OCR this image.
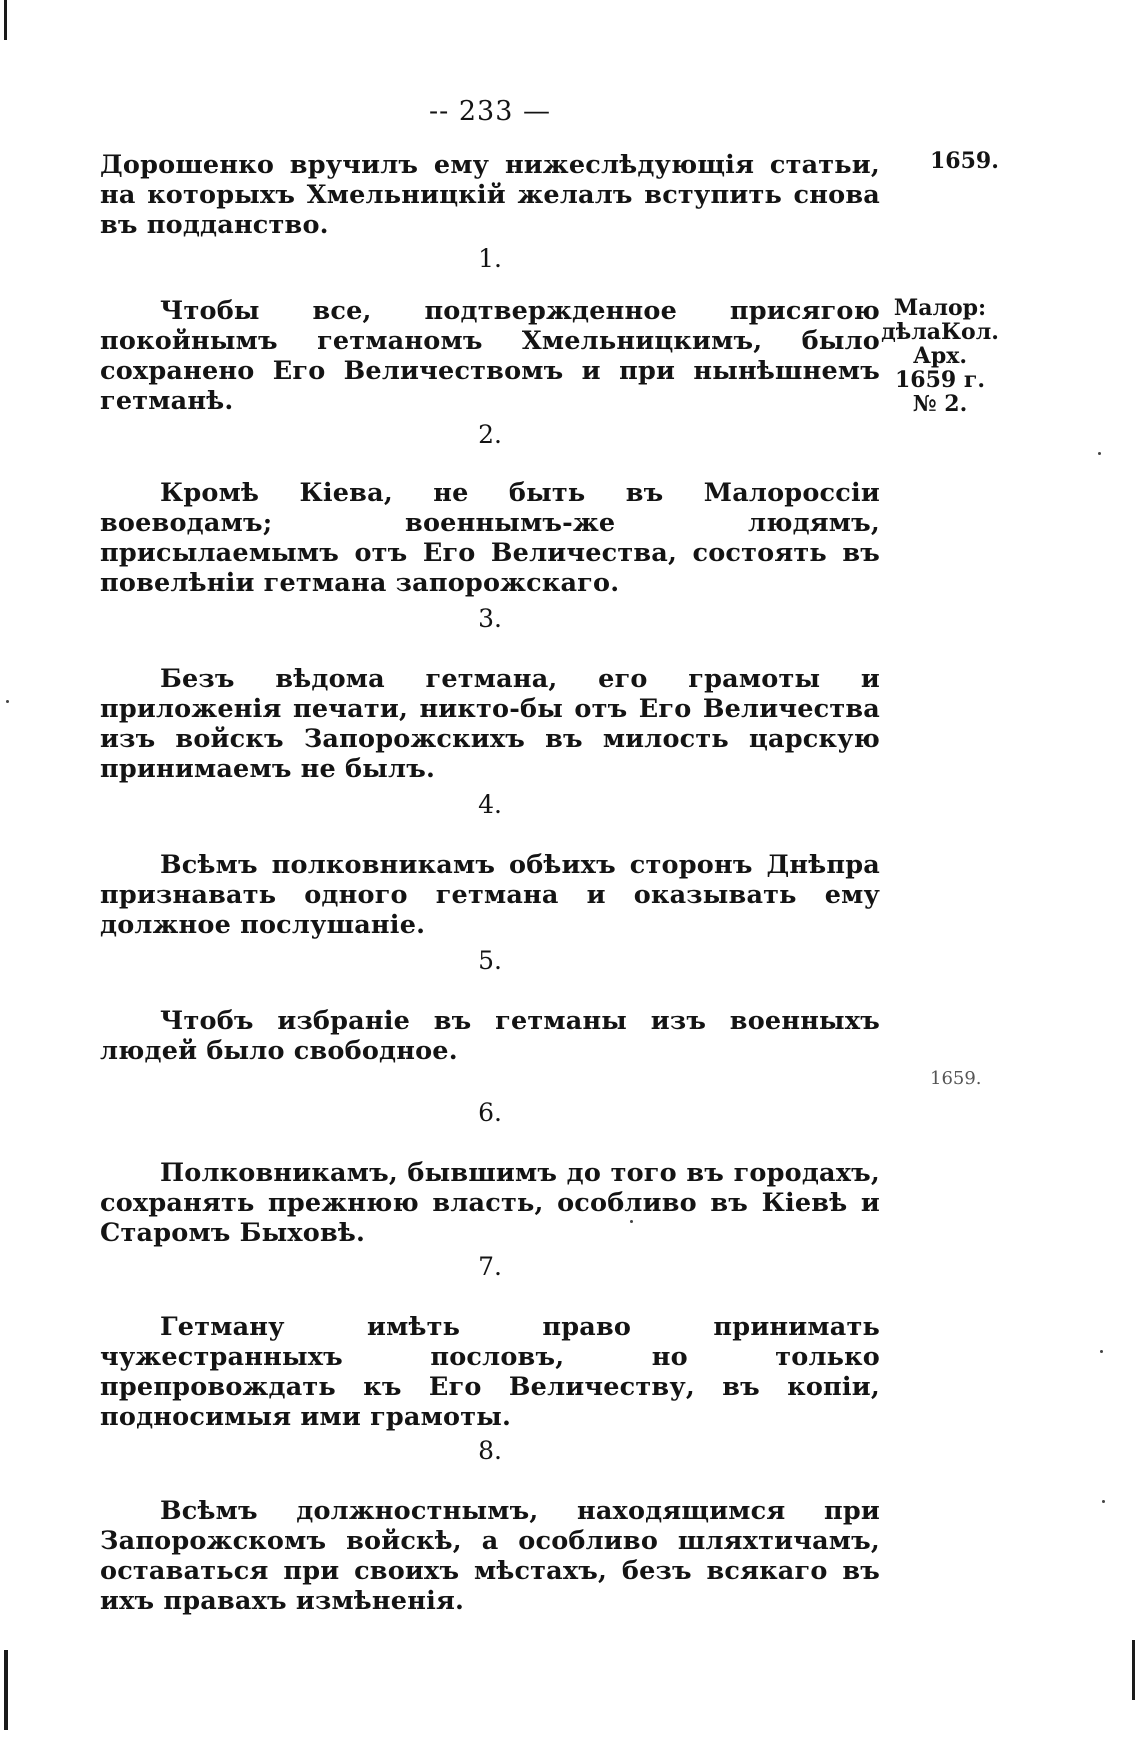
-- 233 —
Дорошенко вручилъ ему нижеслѣдующія статьи, на которыхъ Хмельницкій желалъ вступить снова въ подданство.
1659.
Малор: дѣлаКол. Арх. 1659 г. № 2.
1659.
1.
Чтобы все, подтвержденное присягою покойнымъ гетманомъ Хмельницкимъ, было сохранено Его Величествомъ и при нынѣшнемъ гетманѣ.
2.
Кромѣ Кіева, не быть въ Малороссіи воеводамъ; военнымъ-же людямъ, присылаемымъ отъ Его Величества, состоять въ повелѣніи гетмана запорожскаго.
3.
Безъ вѣдома гетмана, его грамоты и приложенія печати, никто-бы отъ Его Величества изъ войскъ Запорожскихъ въ милость царскую принимаемъ не былъ.
4.
Всѣмъ полковникамъ обѣихъ сторонъ Днѣпра признавать одного гетмана и оказывать ему должное послушаніе.
5.
Чтобъ избраніе въ гетманы изъ военныхъ людей было свободное.
6.
Полковникамъ, бывшимъ до того въ городахъ, сохранять прежнюю власть, особливо въ Кіевѣ и Старомъ Быховѣ.
7.
Гетману имѣть право принимать чужестранныхъ пословъ, но только препровождать къ Его Величеству, въ копіи, подносимыя ими грамоты.
8.
Всѣмъ должностнымъ, находящимся при Запорожскомъ войскѣ, а особливо шляхтичамъ, оставаться при своихъ мѣстахъ, безъ всякаго въ ихъ правахъ измѣненія.
